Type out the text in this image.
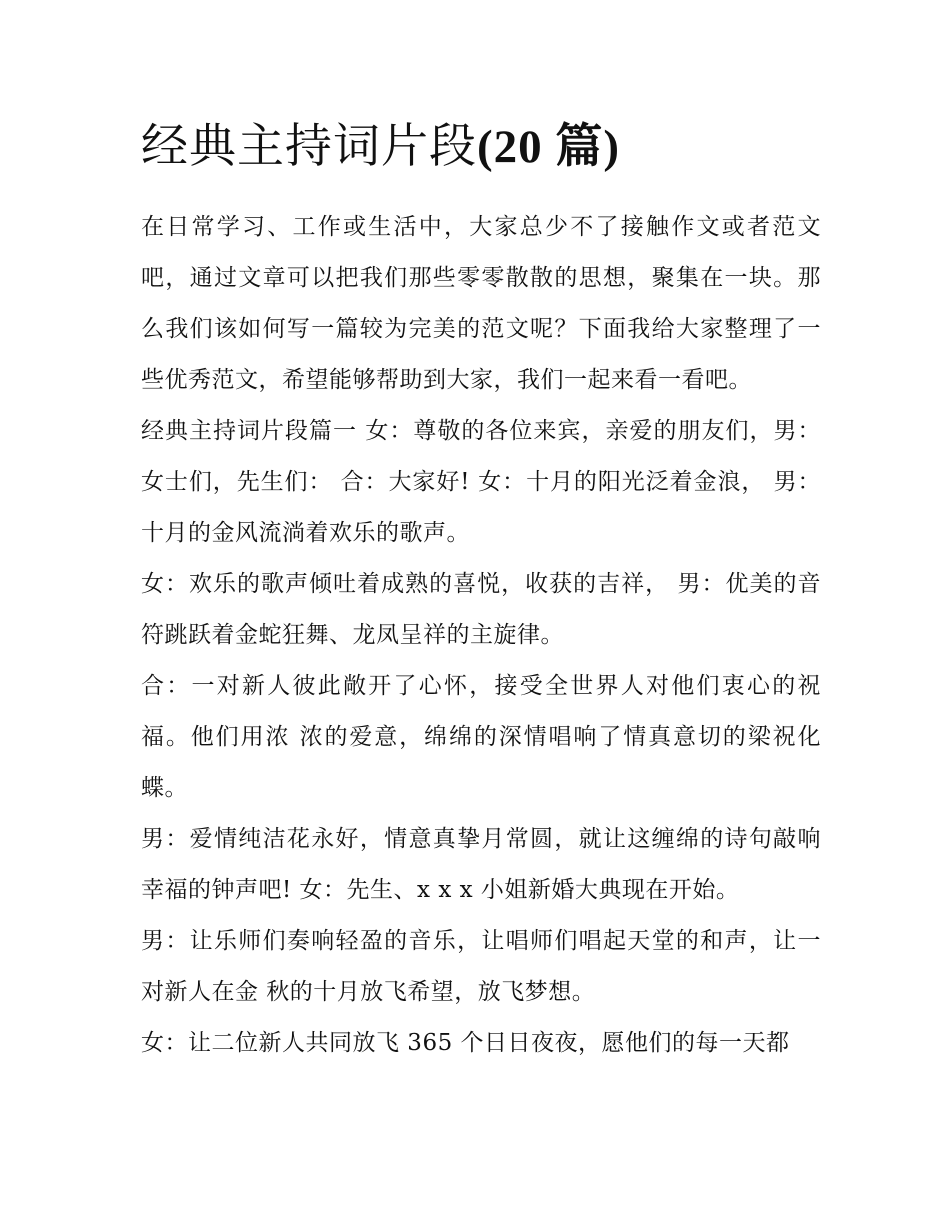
经典主持词片段(20 篇)

在日常学习、工作或生活中，大家总少不了接触作文或者范文吧，通过文章可以把我们那些零零散散的思想，聚集在一块。那么我们该如何写一篇较为完美的范文呢？下面我给大家整理了一些优秀范文，希望能够帮助到大家，我们一起来看一看吧。

经典主持词片段篇一 女：尊敬的各位来宾，亲爱的朋友们，男：女士们，先生们： 合：大家好! 女：十月的阳光泛着金浪， 男：十月的金风流淌着欢乐的歌声。

女：欢乐的歌声倾吐着成熟的喜悦，收获的吉祥， 男：优美的音符跳跃着金蛇狂舞、龙凤呈祥的主旋律。

合：一对新人彼此敞开了心怀，接受全世界人对他们衷心的祝福。他们用浓 浓的爱意，绵绵的深情唱响了情真意切的梁祝化蝶。

男：爱情纯洁花永好，情意真挚月常圆，就让这缠绵的诗句敲响幸福的钟声吧! 女：先生、x x x 小姐新婚大典现在开始。

男：让乐师们奏响轻盈的音乐，让唱师们唱起天堂的和声，让一对新人在金 秋的十月放飞希望，放飞梦想。

女：让二位新人共同放飞 365 个日日夜夜，愿他们的每一天都
